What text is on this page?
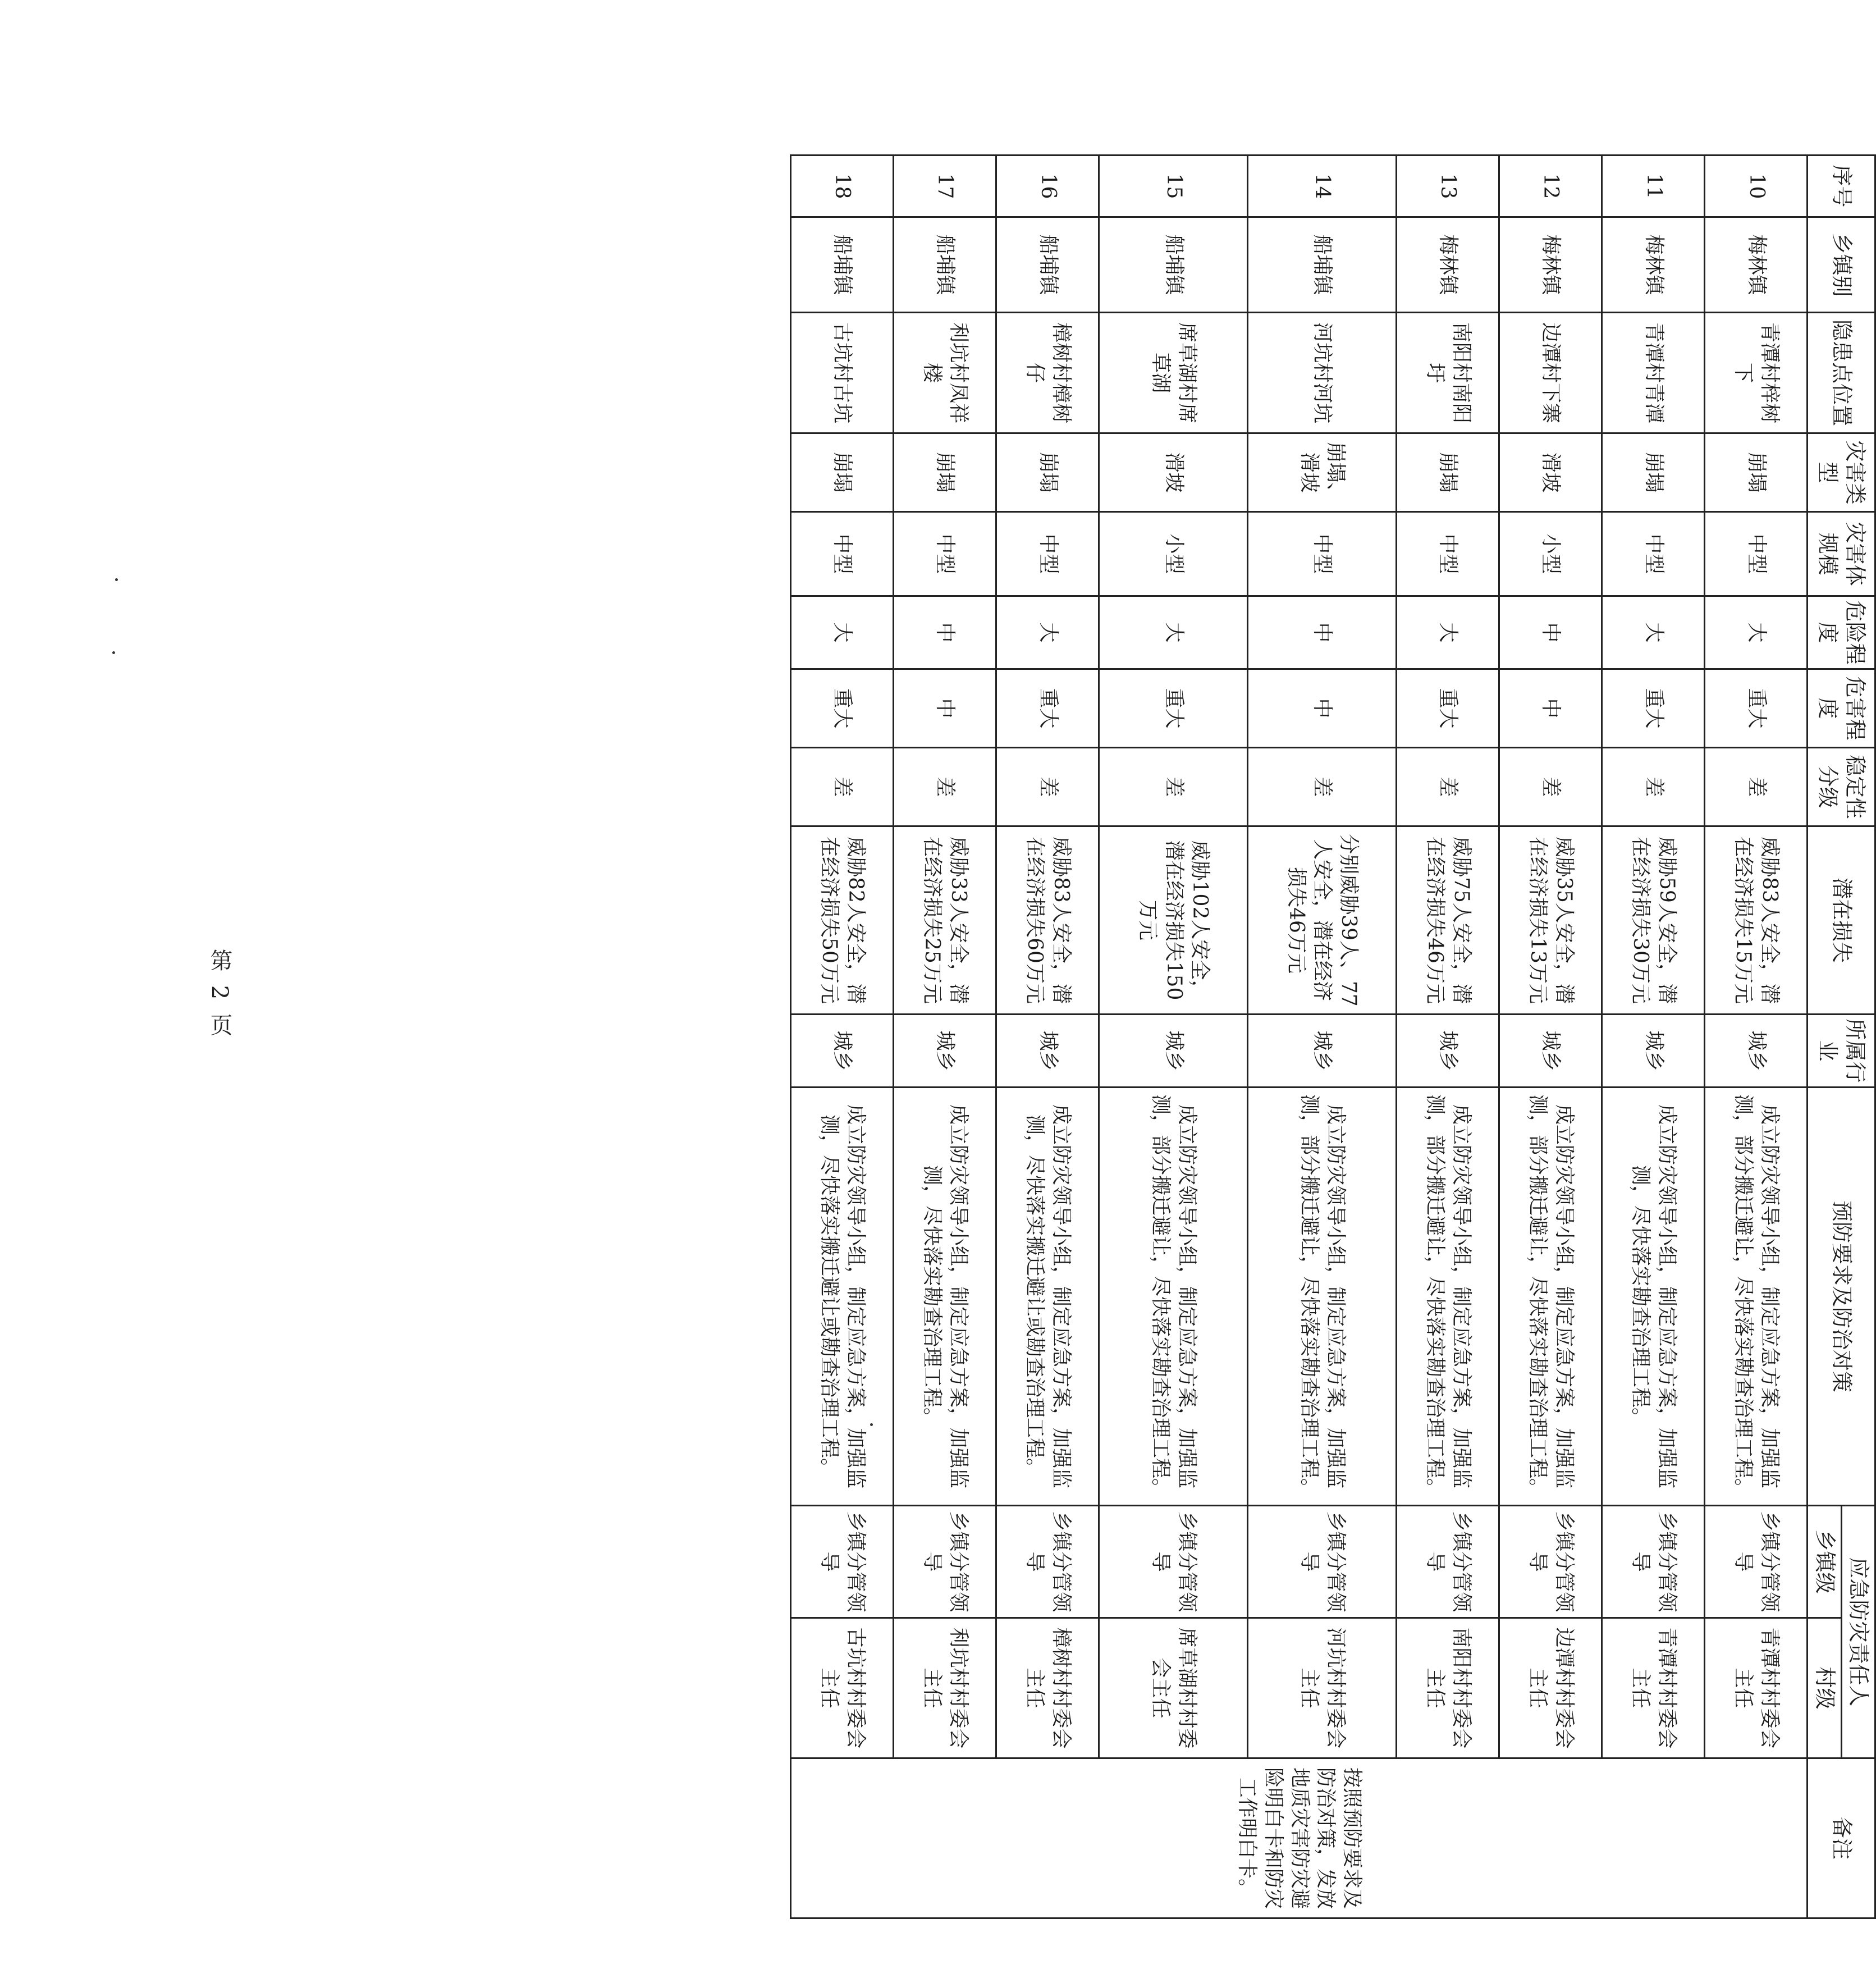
序号	乡镇别	隐患点位置	灾害类型	灾害体规模	危险程度	危害程度	稳定性分级	潜在损失	所属行业	预防要求及防治对策	应急防灾责任人		备注
											乡镇级	村级	
10	梅林镇	青潭村梓树下	崩塌	中型	大	重大	差	威胁83人安全，潜在经济损失15万元	城乡	成立防灾领导小组，制定应急方案，加强监测，部分搬迁避让，尽快落实勘查治理工程。	乡镇分管领导	青潭村村委会主任	按照预防要求及防治对策，发放地质灾害防灾避险明白卡和防灾工作明白卡。
11	梅林镇	青潭村青潭	崩塌	中型	大	重大	差	威胁59人安全，潜在经济损失30万元	城乡	成立防灾领导小组，制定应急方案，加强监测，尽快落实勘查治理工程。	乡镇分管领导	青潭村村委会主任	
12	梅林镇	边潭村下寨	滑坡	小型	中	中	差	威胁35人安全，潜在经济损失13万元	城乡	成立防灾领导小组，制定应急方案，加强监测，部分搬迁避让，尽快落实勘查治理工程。	乡镇分管领导	边潭村村委会主任	
13	梅林镇	南阳村南阳圩	崩塌	中型	大	重大	差	威胁75人安全，潜在经济损失46万元	城乡	成立防灾领导小组，制定应急方案，加强监测，部分搬迁避让，尽快落实勘查治理工程。	乡镇分管领导	南阳村村委会主任	
14	船埔镇	河坑村河坑	崩塌、滑坡	中型	中	中	差	分别威胁39人、77人安全，潜在经济损失46万元	城乡	成立防灾领导小组，制定应急方案，加强监测，部分搬迁避让，尽快落实勘查治理工程。	乡镇分管领导	河坑村村委会主任	
15	船埔镇	席草湖村席草湖	滑坡	小型	大	重大	差	威胁102人安全，潜在经济损失150万元	城乡	成立防灾领导小组，制定应急方案，加强监测，部分搬迁避让，尽快落实勘查治理工程。	乡镇分管领导	席草湖村村委会主任	
16	船埔镇	樟树村樟树仔	崩塌	中型	大	重大	差	威胁83人安全，潜在经济损失60万元	城乡	成立防灾领导小组，制定应急方案，加强监测，尽快落实搬迁避让或勘查治理工程。	乡镇分管领导	樟树村村委会主任	
17	船埔镇	利坑村凤祥楼	崩塌	中型	中	中	差	威胁33人安全，潜在经济损失25万元	城乡	成立防灾领导小组，制定应急方案，加强监测，尽快落实勘查治理工程。	乡镇分管领导	利坑村村委会主任	
18	船埔镇	古坑村古坑	崩塌	中型	大	重大	差	威胁82人安全，潜在经济损失50万元	城乡	成立防灾领导小组，制定应急方案，加强监测，尽快落实搬迁避让或勘查治理工程。	乡镇分管领导	古坑村村委会主任	
第 2 页
